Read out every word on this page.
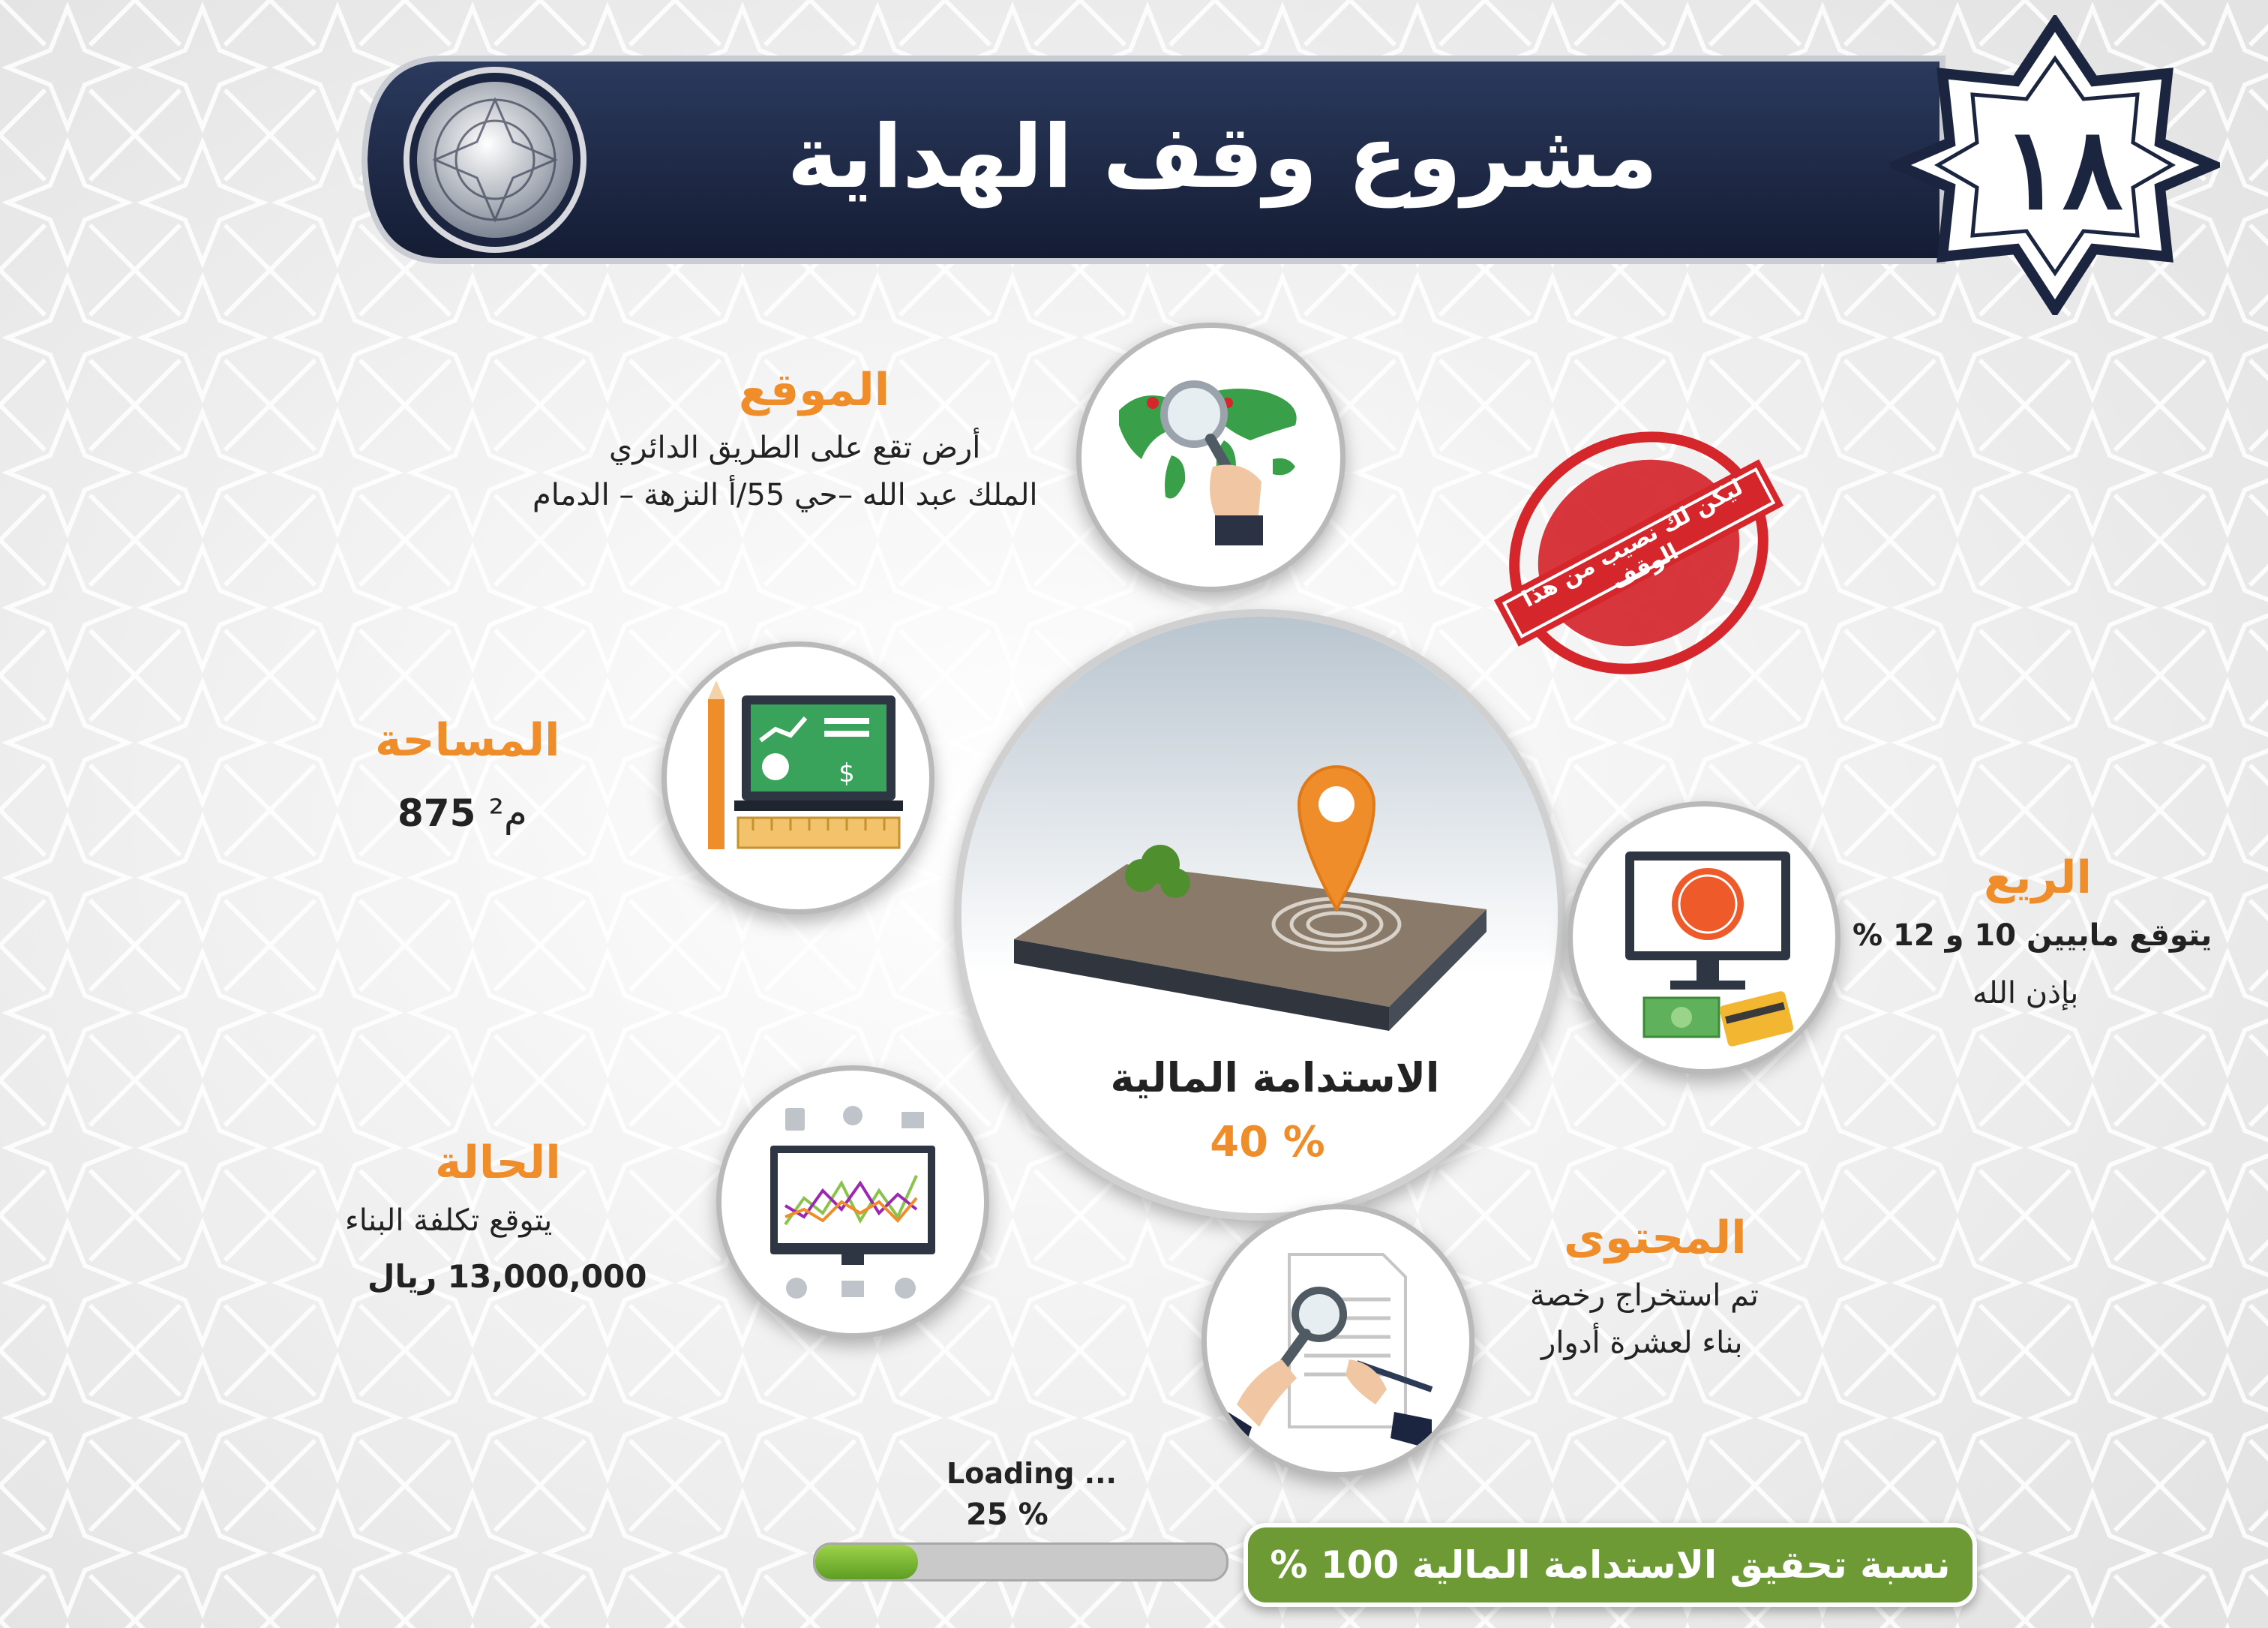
مشروع وقف الهداية	١٨
ليكن لك نصيب من هذا الوقف
الموقع
أرض تقع على الطريق الدائري
الملك عبد الله –حي 55/أ النزهة – الدمام
$
المساحة
م² 875
الاستدامة المالية
40 %
الريع
يتوقع مابيين 10 و 12 %
بإذن الله
الحالة
يتوقع تكلفة البناء
13,000,000 ريال
المحتوى
تم استخراج رخصة
بناء لعشرة أدوار
Loading ...
25 %
نسبة تحقيق الاستدامة المالية 100 %
